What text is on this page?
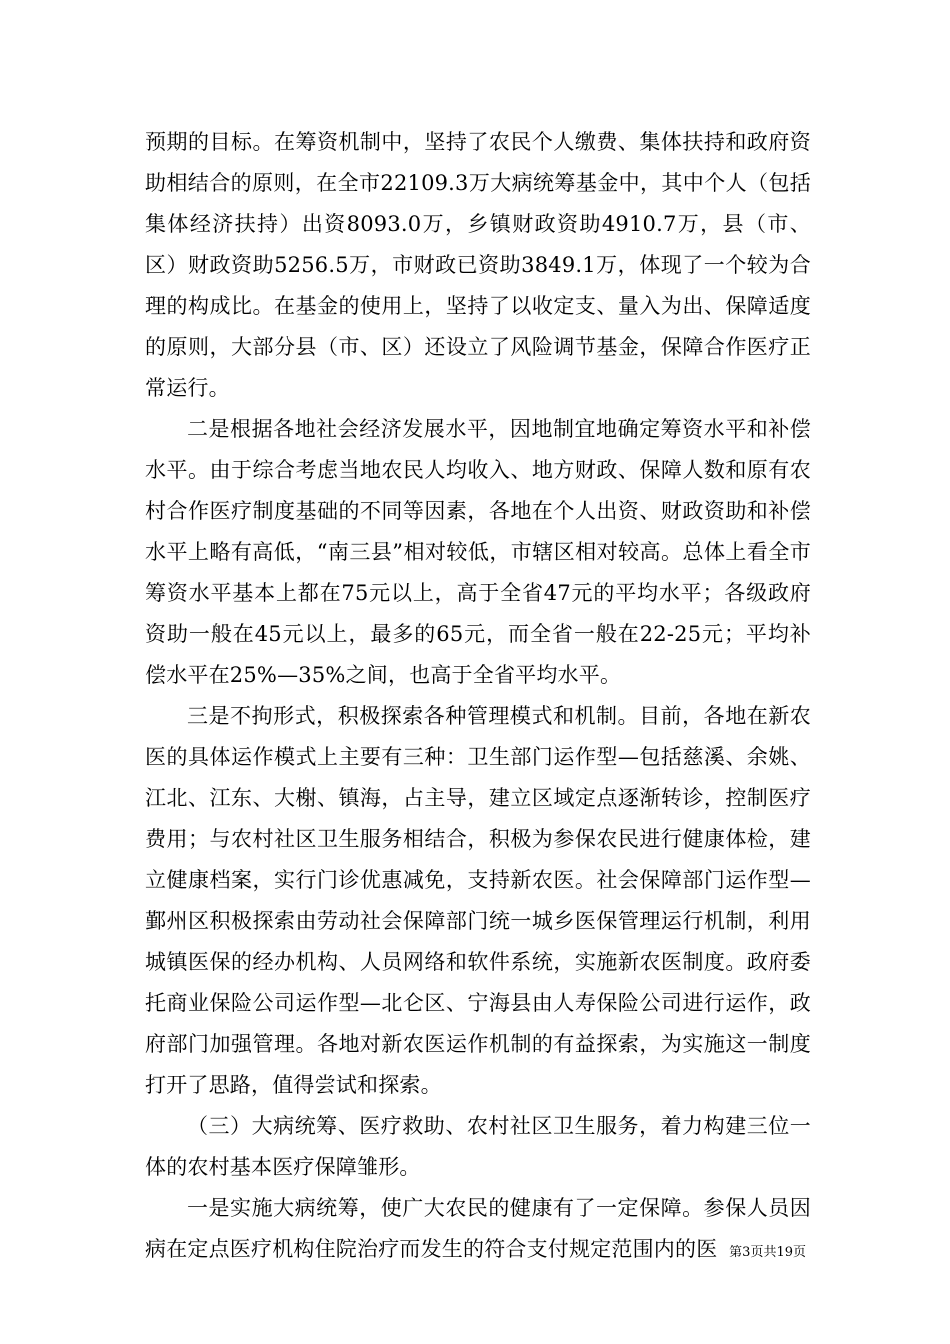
预期的目标。在筹资机制中，坚持了农民个人缴费、集体扶持和政府资助相结合的原则，在全市22109.3万大病统筹基金中，其中个人（包括集体经济扶持）出资8093.0万，乡镇财政资助4910.7万，县（市、区）财政资助5256.5万，市财政已资助3849.1万，体现了一个较为合理的构成比。在基金的使用上，坚持了以收定支、量入为出、保障适度的原则，大部分县（市、区）还设立了风险调节基金，保障合作医疗正常运行。

二是根据各地社会经济发展水平，因地制宜地确定筹资水平和补偿水平。由于综合考虑当地农民人均收入、地方财政、保障人数和原有农村合作医疗制度基础的不同等因素，各地在个人出资、财政资助和补偿水平上略有高低，“南三县”相对较低，市辖区相对较高。总体上看全市筹资水平基本上都在75元以上，高于全省47元的平均水平；各级政府资助一般在45元以上，最多的65元，而全省一般在22-25元；平均补偿水平在25%—35%之间，也高于全省平均水平。

三是不拘形式，积极探索各种管理模式和机制。目前，各地在新农医的具体运作模式上主要有三种：卫生部门运作型—包括慈溪、余姚、江北、江东、大榭、镇海，占主导，建立区域定点逐渐转诊，控制医疗费用；与农村社区卫生服务相结合，积极为参保农民进行健康体检，建立健康档案，实行门诊优惠减免，支持新农医。社会保障部门运作型—鄞州区积极探索由劳动社会保障部门统一城乡医保管理运行机制，利用城镇医保的经办机构、人员网络和软件系统，实施新农医制度。政府委托商业保险公司运作型—北仑区、宁海县由人寿保险公司进行运作，政府部门加强管理。各地对新农医运作机制的有益探索，为实施这一制度打开了思路，值得尝试和探索。

（三）大病统筹、医疗救助、农村社区卫生服务，着力构建三位一体的农村基本医疗保障雏形。

一是实施大病统筹，使广大农民的健康有了一定保障。参保人员因病在定点医疗机构住院治疗而发生的符合支付规定范围内的医 第3页共19页
